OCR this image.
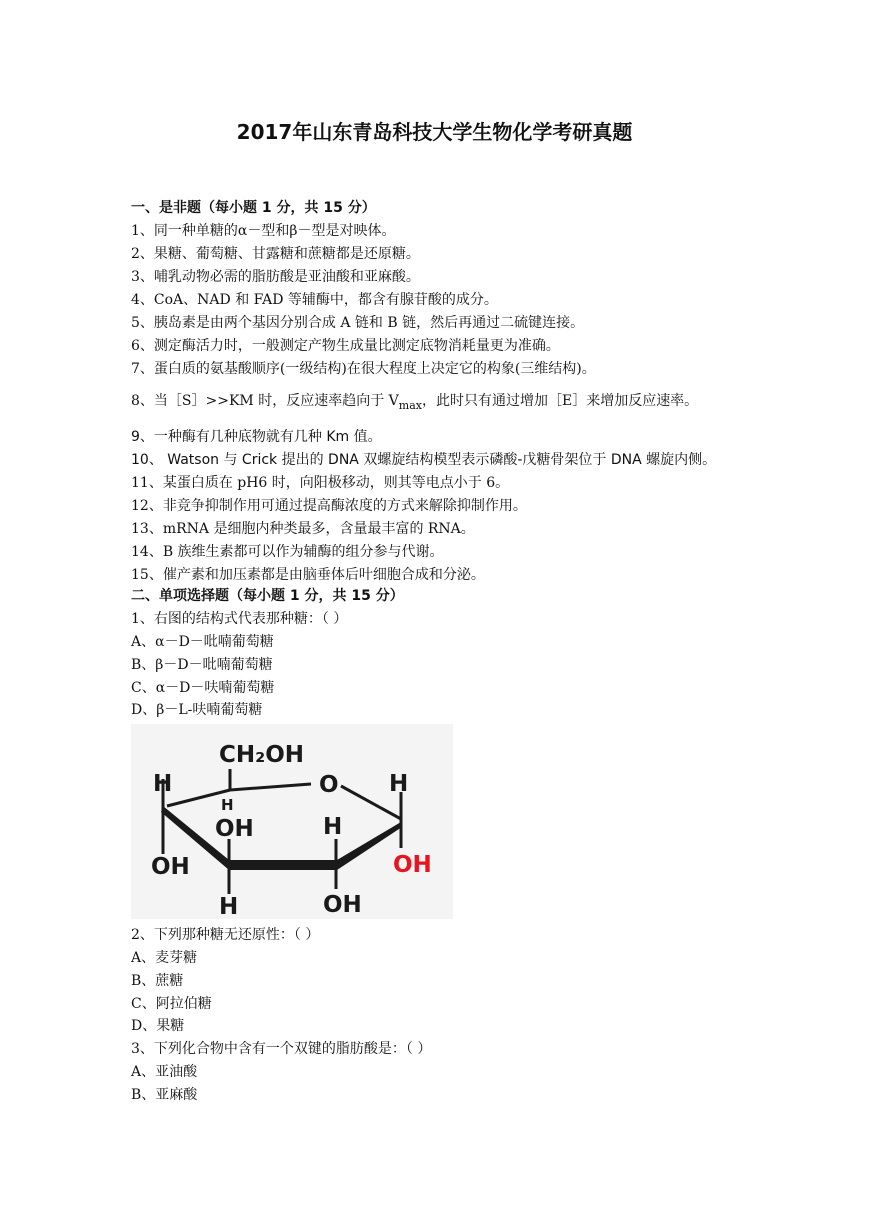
2017年山东青岛科技大学生物化学考研真题
一、是非题（每小题 1 分，共 15 分）
1、同一种单糖的α－型和β－型是对映体。
2、果糖、葡萄糖、甘露糖和蔗糖都是还原糖。
3、哺乳动物必需的脂肪酸是亚油酸和亚麻酸。
4、CoA、NAD 和 FAD 等辅酶中，都含有腺苷酸的成分。
5、胰岛素是由两个基因分别合成 A 链和 B 链，然后再通过二硫键连接。
6、测定酶活力时，一般测定产物生成量比测定底物消耗量更为准确。
7、蛋白质的氨基酸顺序(一级结构)在很大程度上决定它的构象(三维结构)。
8、当［S］>>KM 时，反应速率趋向于 $V_{max}$，此时只有通过增加［E］来增加反应速率。
9、一种酶有几种底物就有几种 Km 值。
10、 Watson 与 Crick 提出的 DNA 双螺旋结构模型表示磷酸-戊糖骨架位于 DNA 螺旋内侧。
11、某蛋白质在 pH6 时，向阳极移动，则其等电点小于 6。
12、非竞争抑制作用可通过提高酶浓度的方式来解除抑制作用。
13、mRNA 是细胞内种类最多，含量最丰富的 RNA。
14、B 族维生素都可以作为辅酶的组分参与代谢。
15、催产素和加压素都是由脑垂体后叶细胞合成和分泌。
二、单项选择题（每小题 1 分，共 15 分）
1、右图的结构式代表那种糖：（ ）
A、α－D－吡喃葡萄糖
B、β－D－吡喃葡萄糖
C、α－D－呋喃葡萄糖
D、β－L-呋喃葡萄糖
CH₂OH
O
H
H
OH	H
H
OH	OH
H	OH
2、下列那种糖无还原性：（ ）
A、麦芽糖
B、蔗糖
C、阿拉伯糖
D、果糖
3、下列化合物中含有一个双键的脂肪酸是：（ ）
A、亚油酸
B、亚麻酸
